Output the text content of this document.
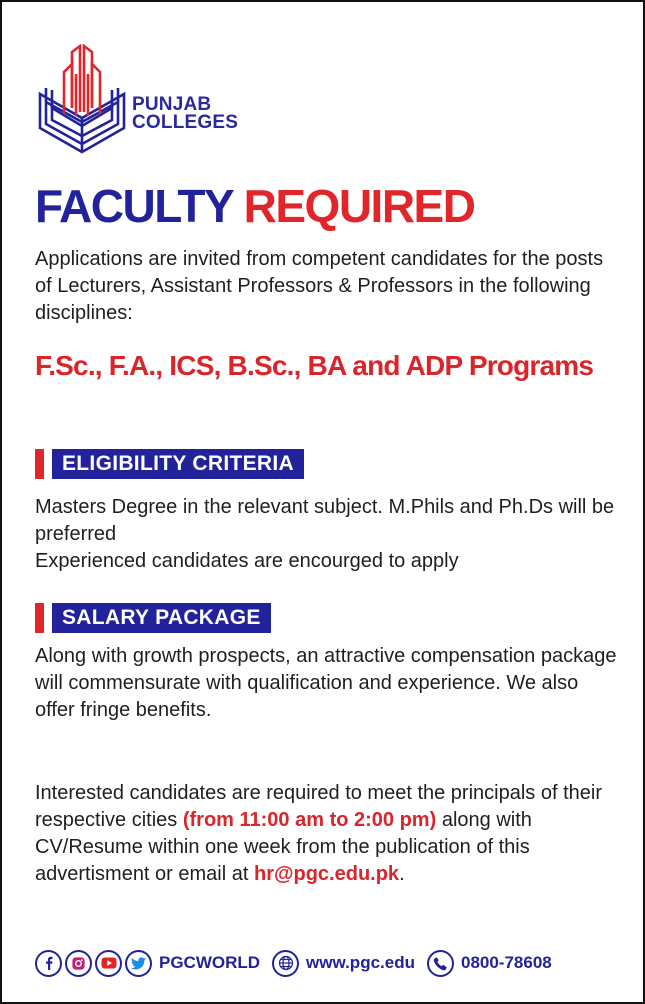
PUNJAB
COLLEGES
FACULTY REQUIRED
Applications are invited from competent candidates for the posts of Lecturers, Assistant Professors & Professors in the following disciplines:
F.Sc., F.A., ICS, B.Sc., BA and ADP Programs
ELIGIBILITY CRITERIA

Masters Degree in the relevant subject. M.Phils and Ph.Ds will be preferred

Experienced candidates are encourged to apply

SALARY PACKAGE

Along with growth prospects, an attractive compensation package will commensurate with qualification and experience. We also offer fringe benefits.

Interested candidates are required to meet the principals of their respective cities (from 11:00 am to 2:00 pm) along with CV/Resume within one week from the publication of this advertisment or email at hr@pgc.edu.pk.

PGCWORLD	www.pgc.edu	0800-78608
